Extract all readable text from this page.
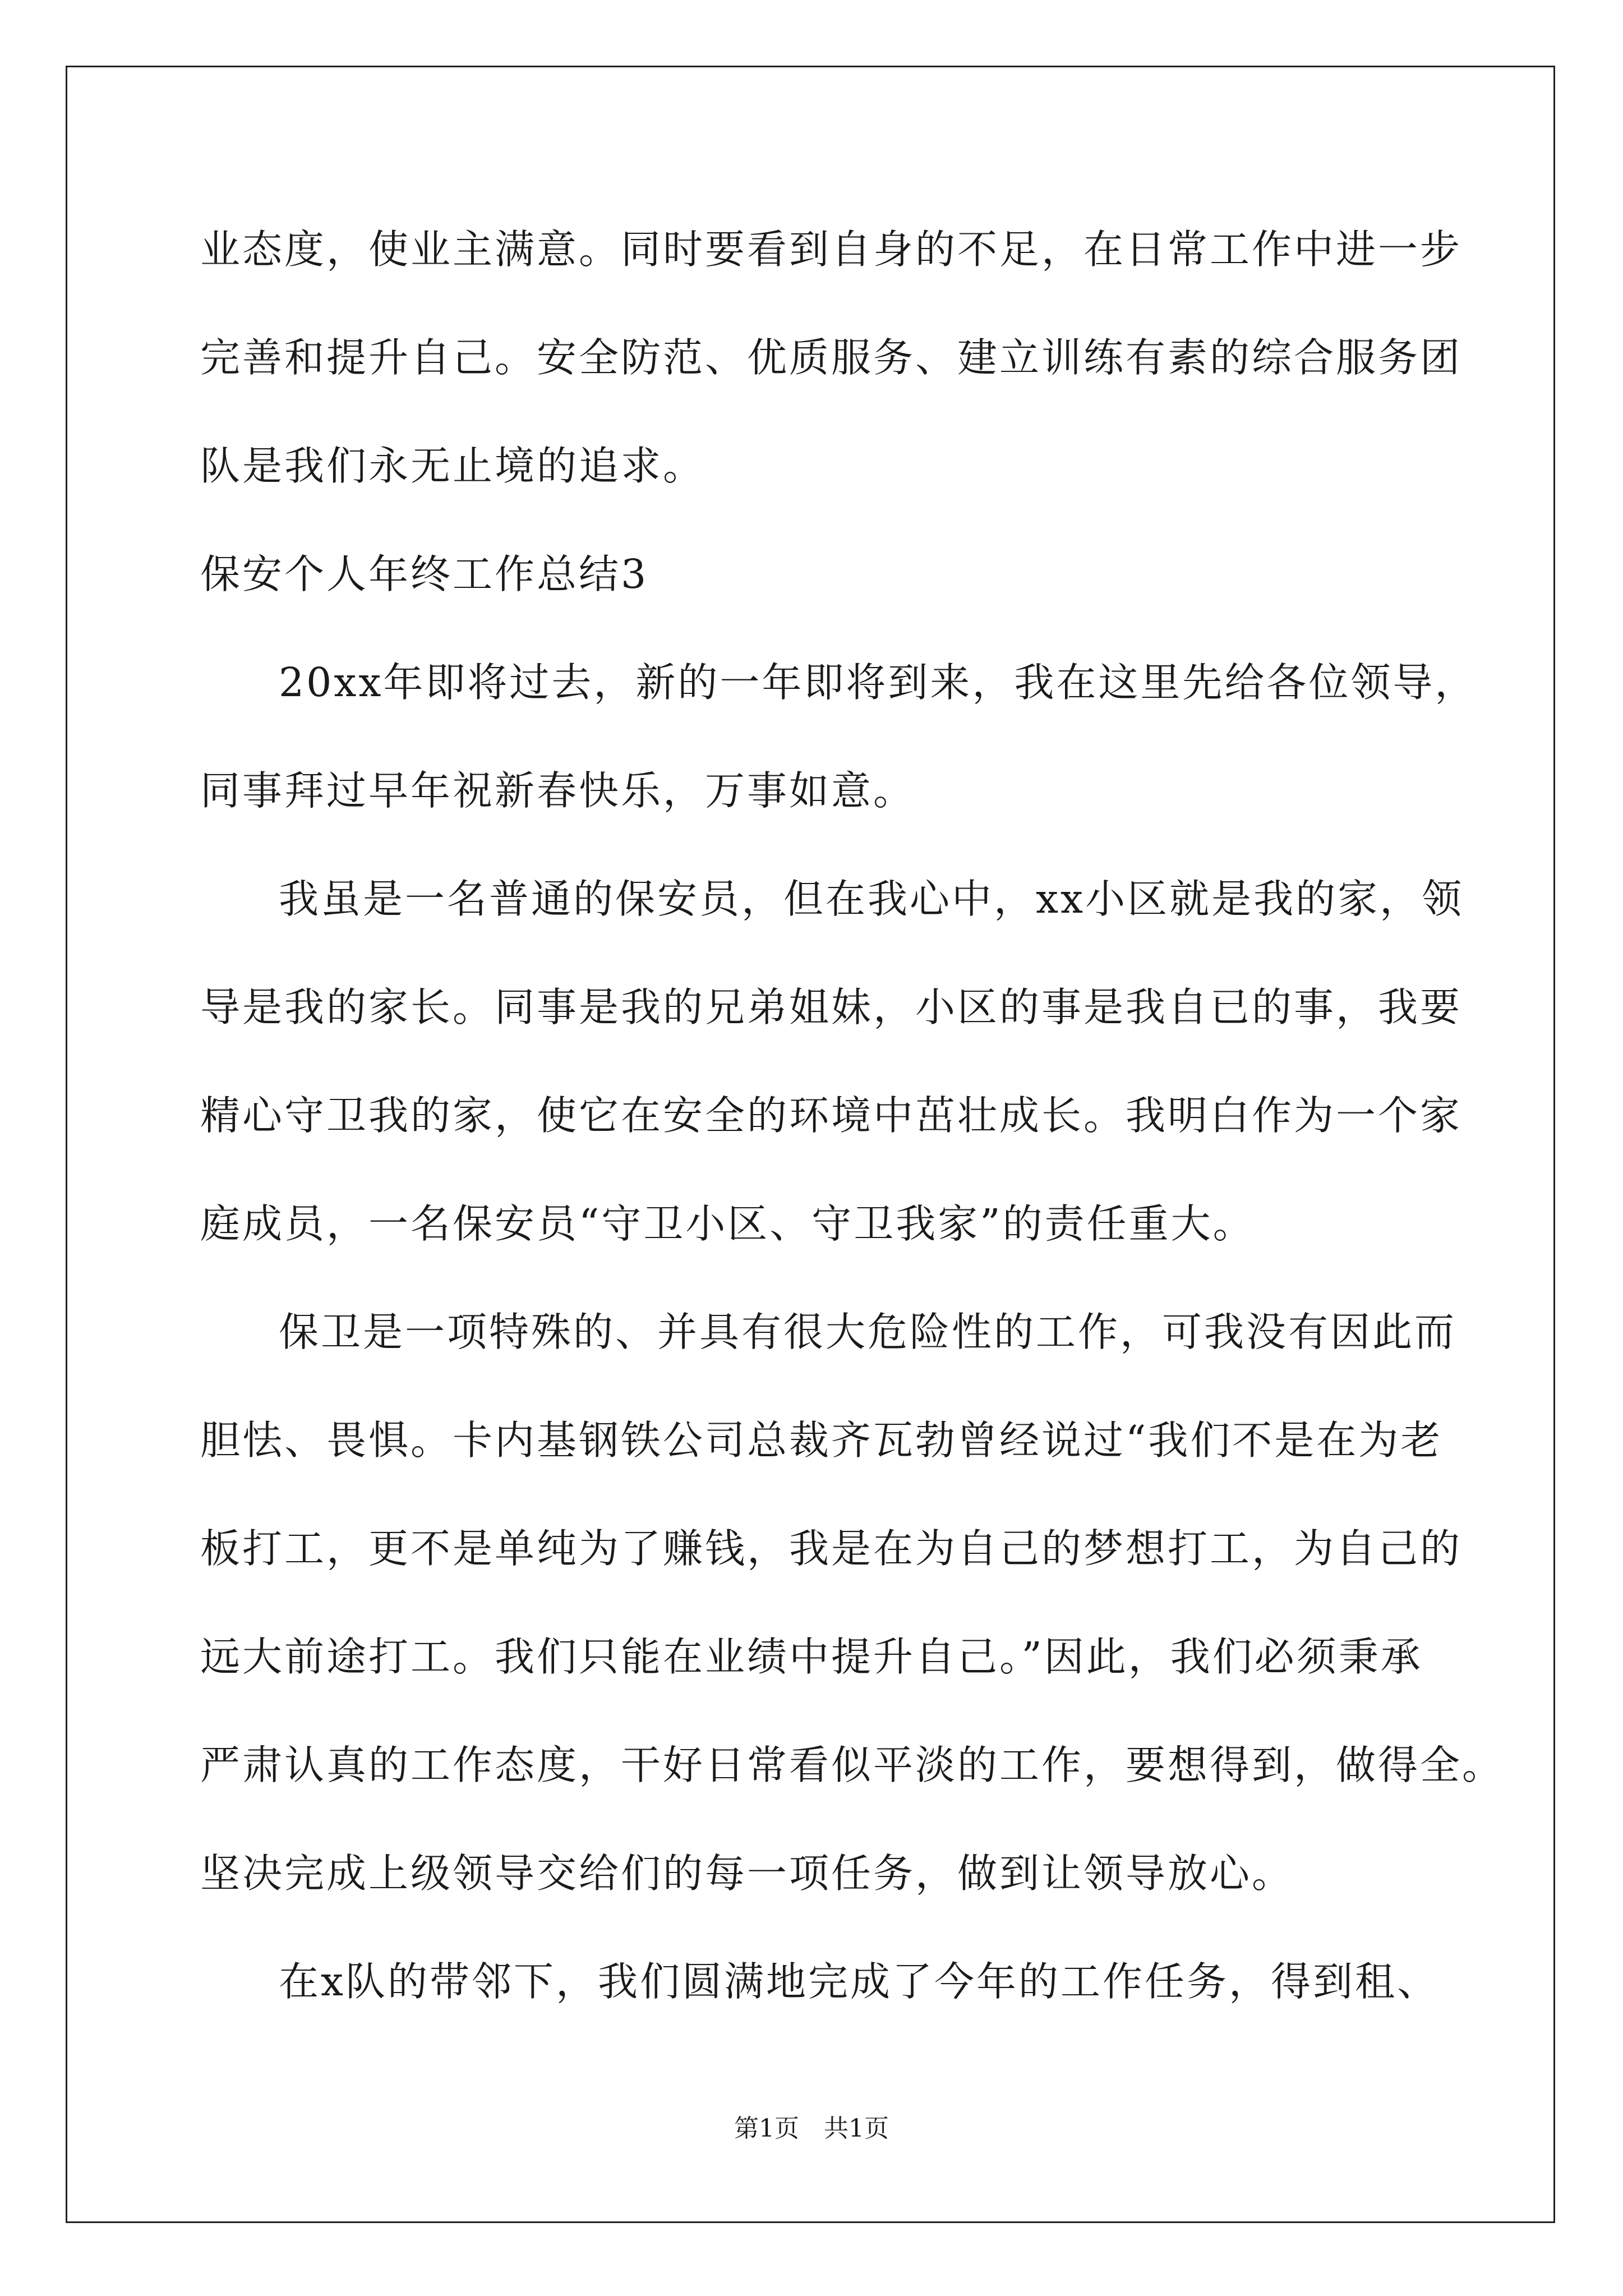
业态度，使业主满意。同时要看到自身的不足，在日常工作中进一步
完善和提升自己。安全防范、优质服务、建立训练有素的综合服务团
队是我们永无止境的追求。
保安个人年终工作总结3
20xx年即将过去，新的一年即将到来，我在这里先给各位领导，
同事拜过早年祝新春快乐，万事如意。
我虽是一名普通的保安员，但在我心中，xx小区就是我的家，领
导是我的家长。同事是我的兄弟姐妹，小区的事是我自已的事，我要
精心守卫我的家，使它在安全的环境中茁壮成长。我明白作为一个家
庭成员，一名保安员“守卫小区、守卫我家”的责任重大。
保卫是一项特殊的、并具有很大危险性的工作，可我没有因此而
胆怯、畏惧。卡内基钢铁公司总裁齐瓦勃曾经说过“我们不是在为老
板打工，更不是单纯为了赚钱，我是在为自己的梦想打工，为自己的
远大前途打工。我们只能在业绩中提升自己。”因此，我们必须秉承
严肃认真的工作态度，干好日常看似平淡的工作，要想得到，做得全。
坚决完成上级领导交给们的每一项任务，做到让领导放心。
在x队的带邻下，我们圆满地完成了今年的工作任务，得到租、
第1页　共1页
